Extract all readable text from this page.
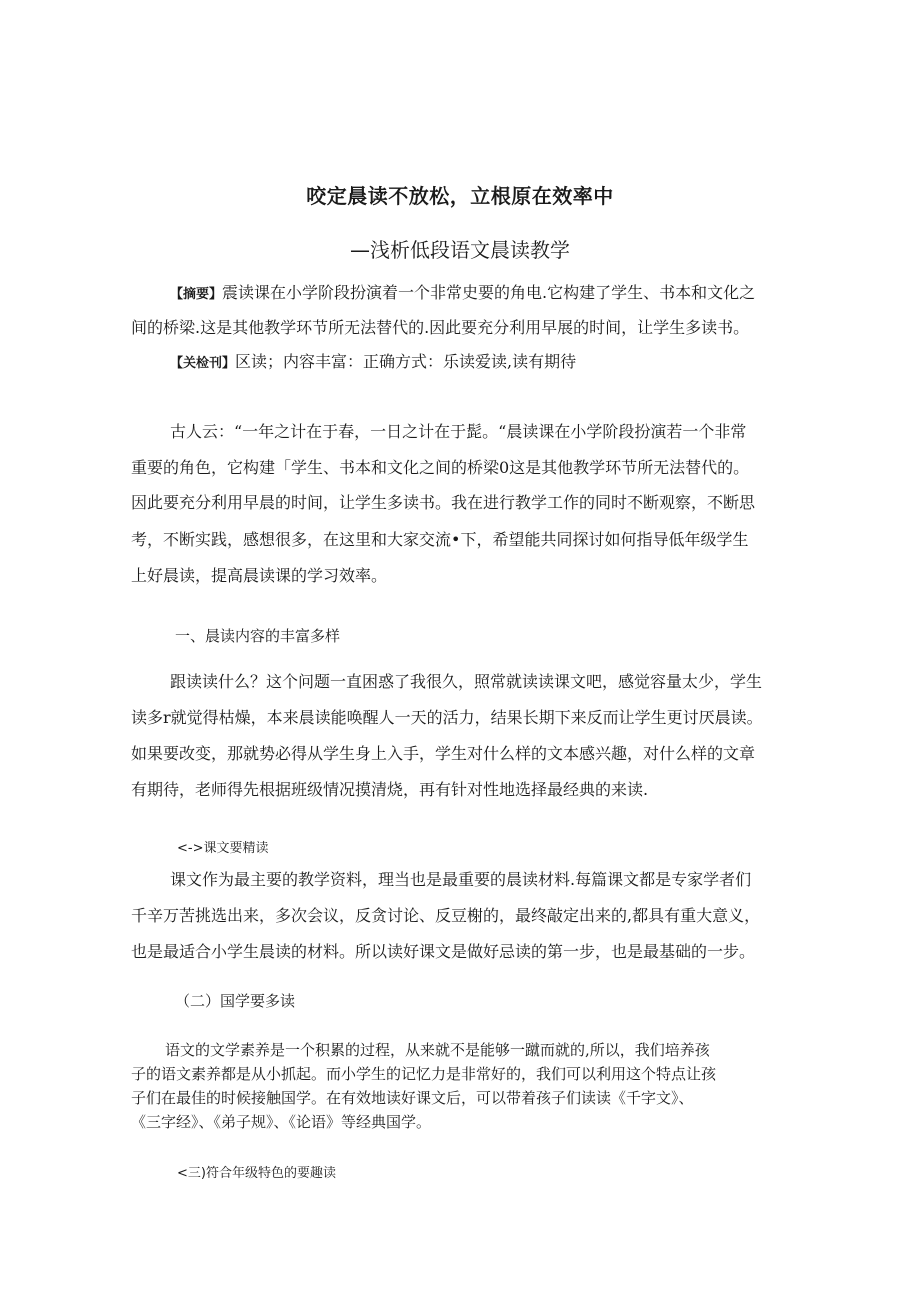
咬定晨读不放松，立根原在效率中
—浅析低段语文晨读教学
【摘要】震读课在小学阶段扮演着一个非常史要的角电.它构建了学生、书本和文化之
间的桥梁.这是其他教学环节所无法替代的.因此要充分利用早展的时间，让学生多读书。
【关检刊】区读；内容丰富：正确方式：乐读爱读,读有期待
古人云：“一年之计在于春，一日之计在于髭。“晨读课在小学阶段扮演若一个非常
重要的角色，它构建「学生、书本和文化之间的桥梁0这是其他教学环节所无法替代的。
因此要充分利用早晨的时间，让学生多读书。我在进行教学工作的同时不断观察，不断思
考，不断实践，感想很多，在这里和大家交流•下，希望能共同探讨如何指导低年级学生
上好晨读，提高晨读课的学习效率。
一、晨读内容的丰富多样
跟读读什么？这个问题一直困惑了我很久，照常就读读课文吧，感觉容量太少，学生
读多r就觉得枯燥，本来晨读能唤醒人一天的活力，结果长期下来反而让学生更讨厌晨读。
如果要改变，那就势必得从学生身上入手，学生对什么样的文本感兴趣，对什么样的文章
有期待，老师得先根据班级情况摸清烧，再有针对性地选择最经典的来读.
<->课文要精读
课文作为最主要的教学资料，理当也是最重要的晨读材料.每篇课文都是专家学者们
千辛万苦挑选出来，多次会议，反贪讨论、反豆榭的，最终敲定出来的,都具有重大意义，
也是最适合小学生晨读的材料。所以读好课文是做好忌读的第一步，也是最基础的一步。
（二）国学要多读
语文的文学素养是一个积累的过程，从来就不是能够一蹴而就的,所以，我们培养孩
子的语文素养都是从小抓起。而小学生的记忆力是非常好的，我们可以利用这个特点让孩
子们在最佳的时候接触国学。在有效地读好课文后，可以带着孩子们读读《千字文》、
《三字经》、《弟子规》、《论语》等经典国学。
<三)符合年级特色的要趣读
